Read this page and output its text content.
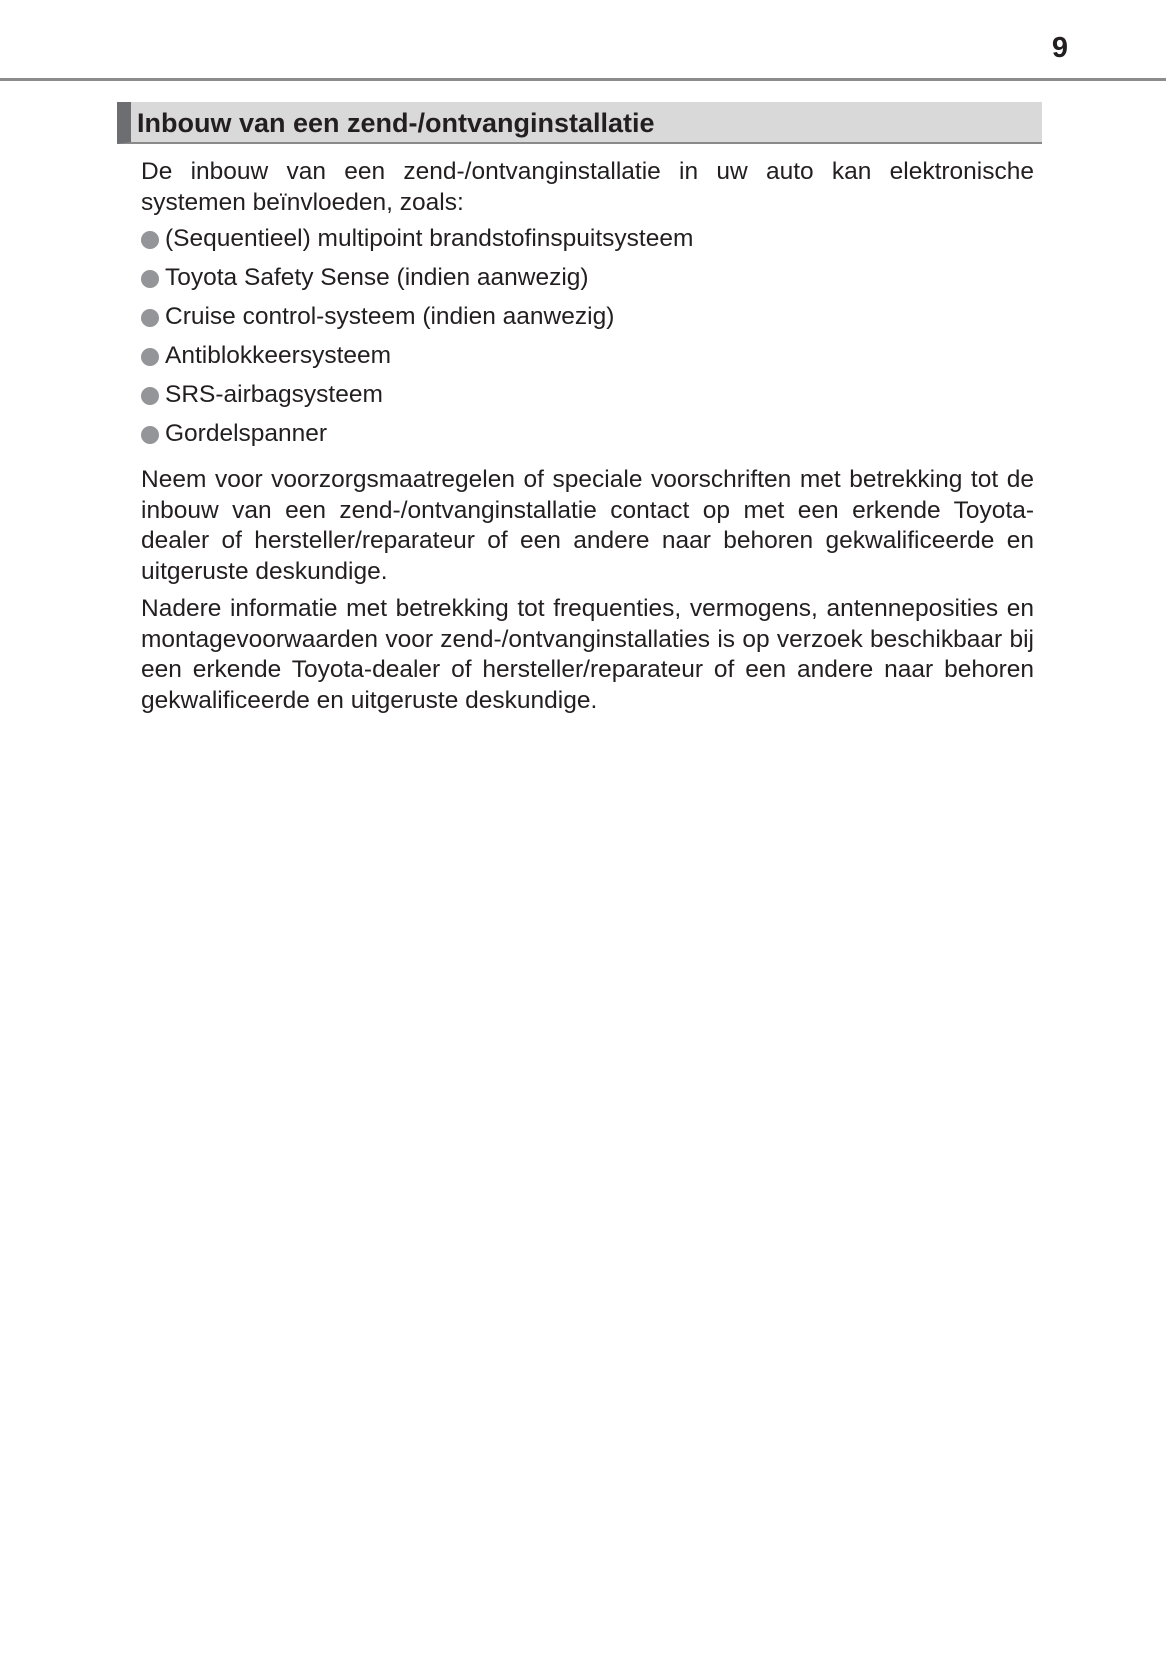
9
Inbouw van een zend-/ontvanginstallatie

De inbouw van een zend-/ontvanginstallatie in uw auto kan elektronische systemen beïnvloeden, zoals:

(Sequentieel) multipoint brandstofinspuitsysteem
Toyota Safety Sense (indien aanwezig)
Cruise control-systeem (indien aanwezig)
Antiblokkeersysteem
SRS-airbagsysteem
Gordelspanner

Neem voor voorzorgsmaatregelen of speciale voorschriften met betrekking tot de inbouw van een zend-/ontvanginstallatie contact op met een erkende Toyota-dealer of hersteller/reparateur of een andere naar behoren gekwalificeerde en uitgeruste deskundige.

Nadere informatie met betrekking tot frequenties, vermogens, antenneposities en montagevoorwaarden voor zend-/ontvanginstallaties is op verzoek beschikbaar bij een erkende Toyota-dealer of hersteller/reparateur of een andere naar behoren gekwalificeerde en uitgeruste deskundige.
